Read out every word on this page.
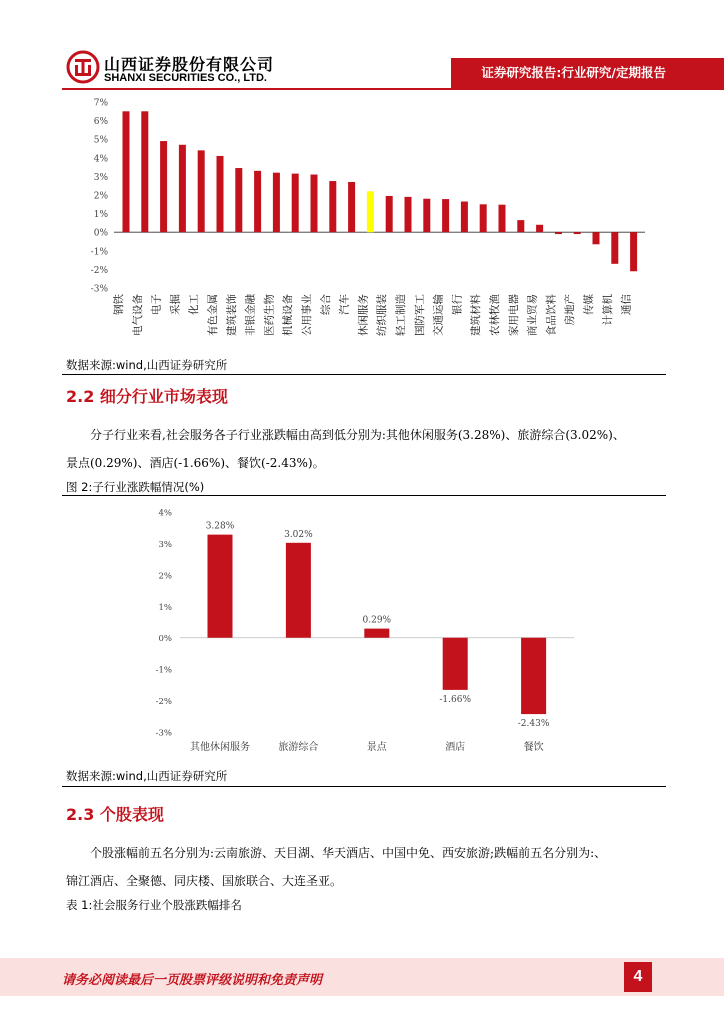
山西证券股份有限公司
SHANXI SECURITIES CO., LTD.	证券研究报告:行业研究/定期报告
7%
6%
5%
4%
3%
2%
1%
0%
-1%
-2%
-3%
钢铁 电气设备 电子 采掘 化工 有色金属 建筑装饰 非银金融 医药生物 机械设备 公用事业 综合 汽车 休闲服务 纺织服装 轻工制造 国防军工 交通运输 银行 建筑材料 农林牧渔 家用电器 商业贸易 食品饮料 房地产 传媒 计算机 通信
数据来源:wind,山西证券研究所
2.2 细分行业市场表现
分子行业来看,社会服务各子行业涨跌幅由高到低分别为:其他休闲服务(3.28%)、旅游综合(3.02%)、
景点(0.29%)、酒店(-1.66%)、餐饮(-2.43%)。
图 2:子行业涨跌幅情况(%)
4%
3%
2%
1%
0%
-1%
-2%
-3%
3.28%
其他休闲服务
3.02%
旅游综合
0.29%
景点
-1.66%
酒店
-2.43%
餐饮
数据来源:wind,山西证券研究所
2.3 个股表现
个股涨幅前五名分别为:云南旅游、天目湖、华天酒店、中国中免、西安旅游;跌幅前五名分别为:、
锦江酒店、全聚德、同庆楼、国旅联合、大连圣亚。
表 1:社会服务行业个股涨跌幅排名
请务必阅读最后一页股票评级说明和免责声明	4
